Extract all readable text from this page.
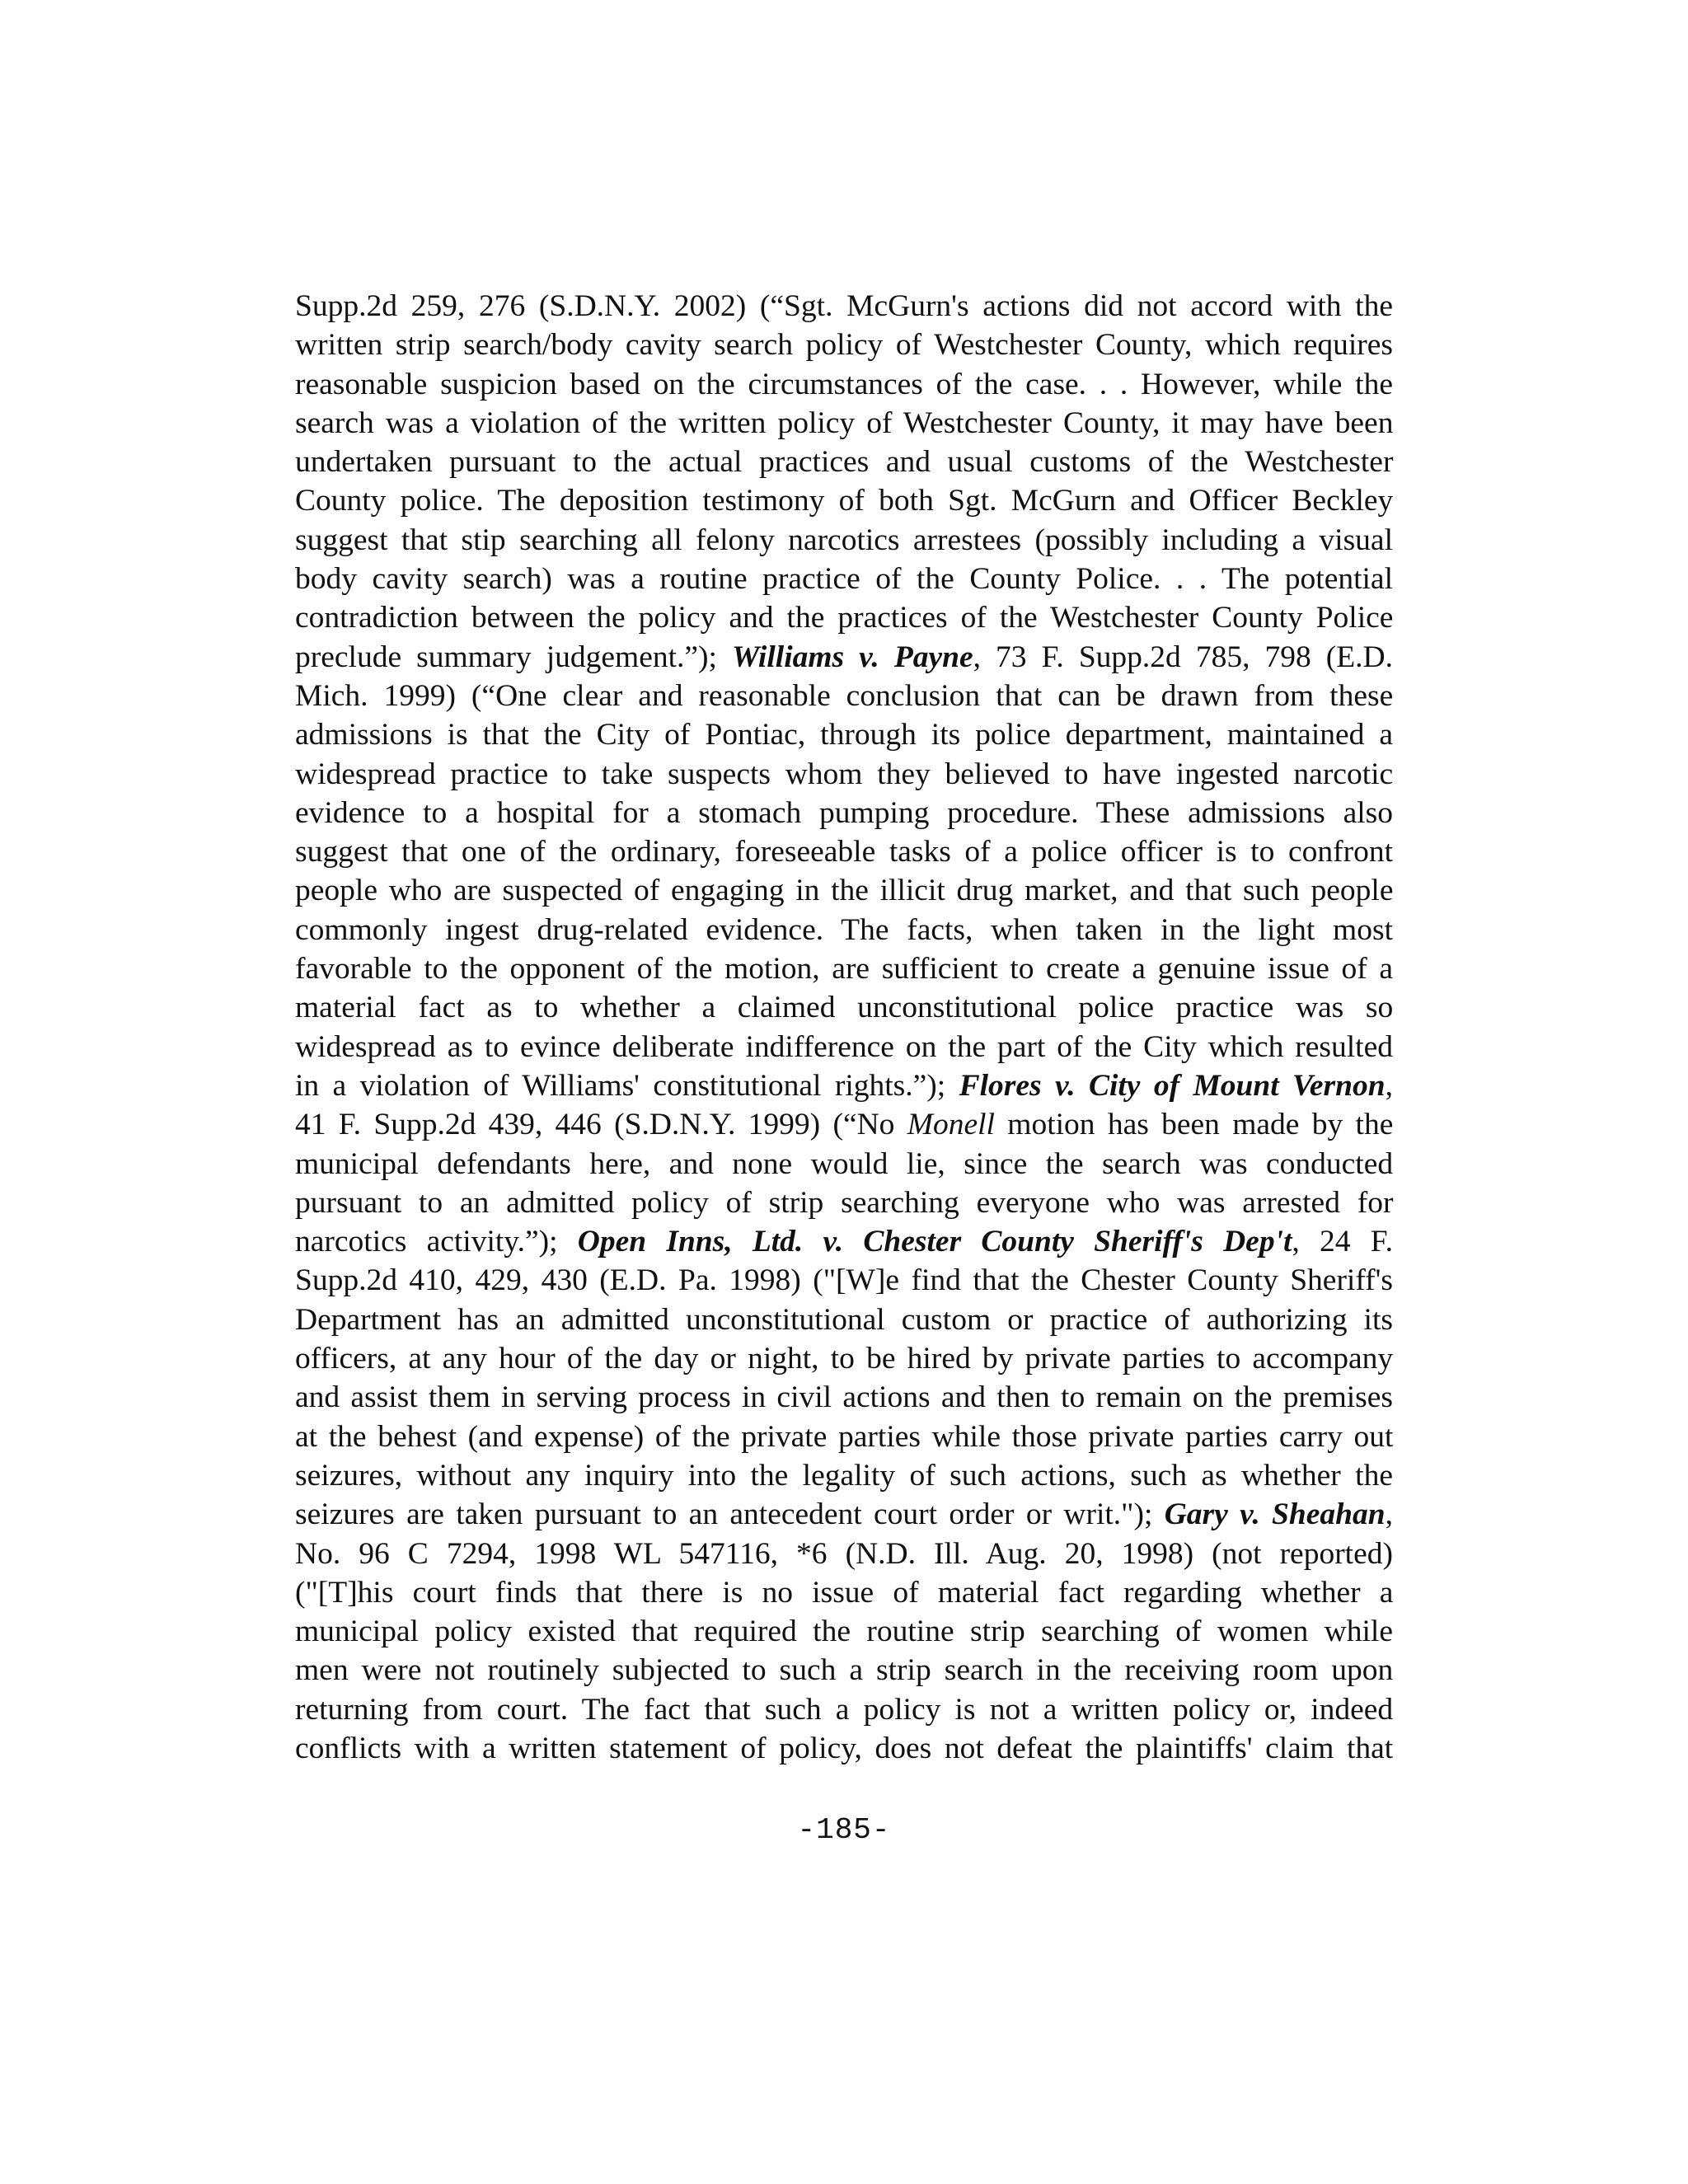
Supp.2d 259, 276 (S.D.N.Y. 2002) (“Sgt. McGurn's actions did not accord with the
written strip search/body cavity search policy of Westchester County, which requires
reasonable suspicion based on the circumstances of the case. . . However, while the
search was a violation of the written policy of Westchester County, it may have been
undertaken pursuant to the actual practices and usual customs of the Westchester
County police. The deposition testimony of both Sgt. McGurn and Officer Beckley
suggest that stip searching all felony narcotics arrestees (possibly including a visual
body cavity search) was a routine practice of the County Police. . . The potential
contradiction between the policy and the practices of the Westchester County Police
preclude summary judgement.”); Williams v. Payne, 73 F. Supp.2d 785, 798 (E.D.
Mich. 1999) (“One clear and reasonable conclusion that can be drawn from these
admissions is that the City of Pontiac, through its police department, maintained a
widespread practice to take suspects whom they believed to have ingested narcotic
evidence to a hospital for a stomach pumping procedure. These admissions also
suggest that one of the ordinary, foreseeable tasks of a police officer is to confront
people who are suspected of engaging in the illicit drug market, and that such people
commonly ingest drug-related evidence. The facts, when taken in the light most
favorable to the opponent of the motion, are sufficient to create a genuine issue of a
material fact as to whether a claimed unconstitutional police practice was so
widespread as to evince deliberate indifference on the part of the City which resulted
in a violation of Williams' constitutional rights.”); Flores v. City of Mount Vernon,
41 F. Supp.2d 439, 446 (S.D.N.Y. 1999) (“No Monell motion has been made by the
municipal defendants here, and none would lie, since the search was conducted
pursuant to an admitted policy of strip searching everyone who was arrested for
narcotics activity.”); Open Inns, Ltd. v. Chester County Sheriff's Dep't, 24 F.
Supp.2d 410, 429, 430 (E.D. Pa. 1998) ("[W]e find that the Chester County Sheriff's
Department has an admitted unconstitutional custom or practice of authorizing its
officers, at any hour of the day or night, to be hired by private parties to accompany
and assist them in serving process in civil actions and then to remain on the premises
at the behest (and expense) of the private parties while those private parties carry out
seizures, without any inquiry into the legality of such actions, such as whether the
seizures are taken pursuant to an antecedent court order or writ."); Gary v. Sheahan,
No. 96 C 7294, 1998 WL 547116, *6 (N.D. Ill. Aug. 20, 1998) (not reported)
("[T]his court finds that there is no issue of material fact regarding whether a
municipal policy existed that required the routine strip searching of women while
men were not routinely subjected to such a strip search in the receiving room upon
returning from court. The fact that such a policy is not a written policy or, indeed
conflicts with a written statement of policy, does not defeat the plaintiffs' claim that
-185-
